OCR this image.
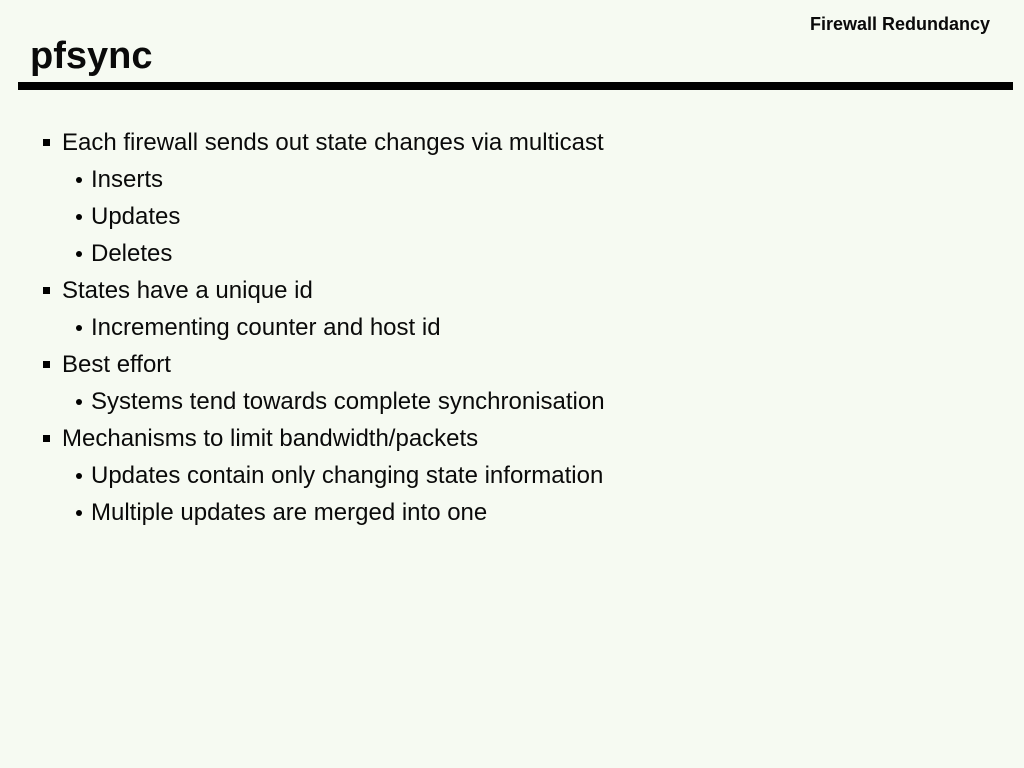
Firewall Redundancy
pfsync
Each firewall sends out state changes via multicast
Inserts
Updates
Deletes
States have a unique id
Incrementing counter and host id
Best effort
Systems tend towards complete synchronisation
Mechanisms to limit bandwidth/packets
Updates contain only changing state information
Multiple updates are merged into one
